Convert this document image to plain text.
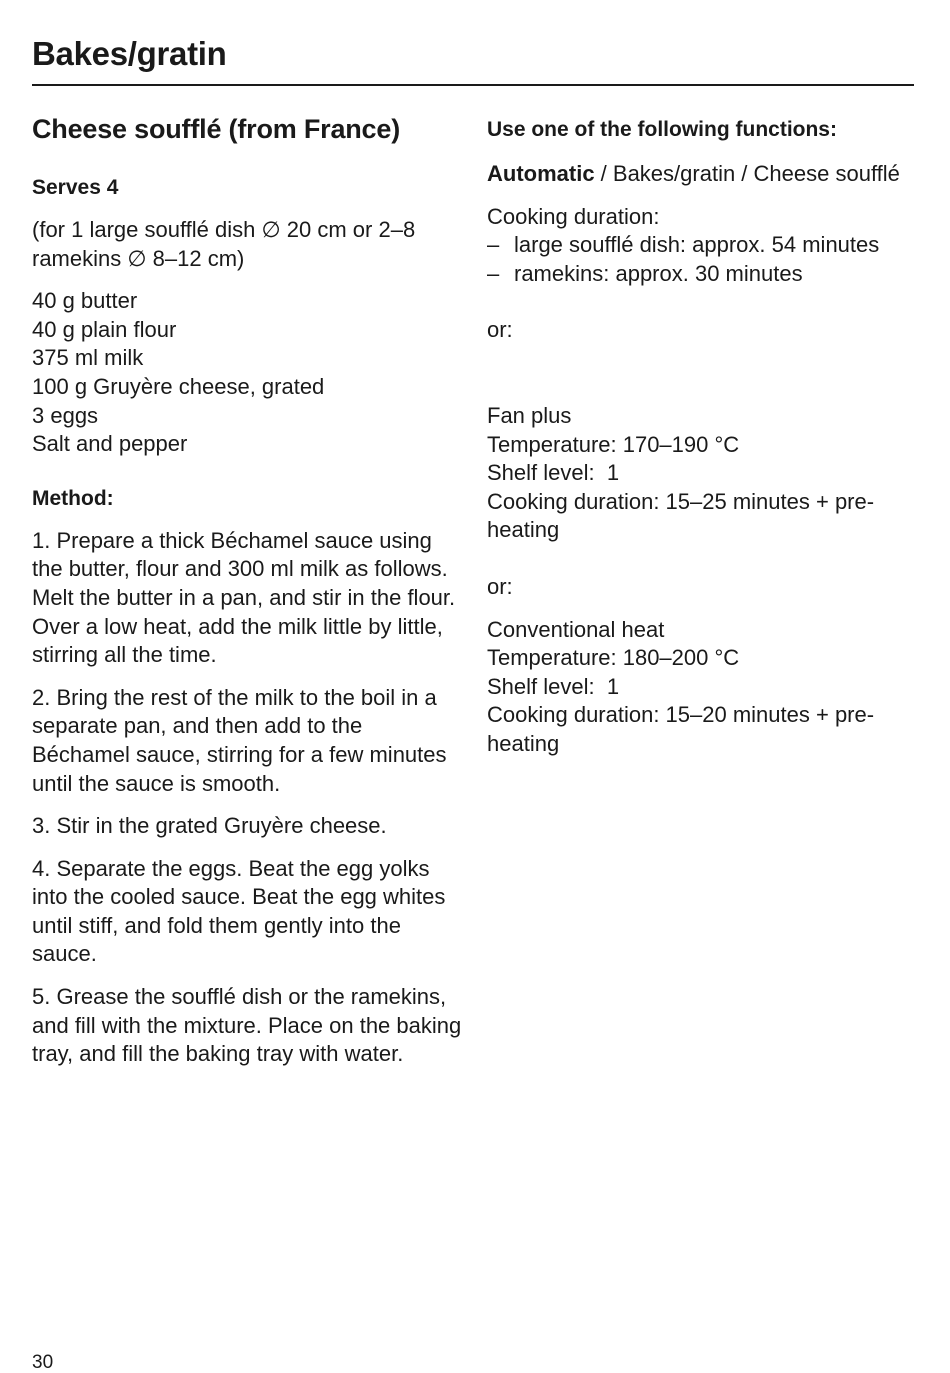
Bakes/gratin
Cheese soufflé (from France)
Serves 4

(for 1 large soufflé dish ∅ 20 cm or 2–8 ramekins ∅ 8–12 cm)

40 g butter
40 g plain flour
375 ml milk
100 g Gruyère cheese, grated
3 eggs
Salt and pepper
Method:

1. Prepare a thick Béchamel sauce using the butter, flour and 300 ml milk as follows. Melt the butter in a pan, and stir in the flour. Over a low heat, add the milk little by little, stirring all the time.

2. Bring the rest of the milk to the boil in a separate pan, and then add to the Béchamel sauce, stirring for a few minutes until the sauce is smooth.

3. Stir in the grated Gruyère cheese.

4. Separate the eggs. Beat the egg yolks into the cooled sauce. Beat the egg whites until stiff, and fold them gently into the sauce.

5. Grease the soufflé dish or the ramekins, and fill with the mixture. Place on the baking tray, and fill the baking tray with water.

Use one of the following functions:

Automatic / Bakes/gratin / Cheese soufflé

Cooking duration:
– large soufflé dish: approx. 54 minutes
– ramekins: approx. 30 minutes

or:

Fan plus
Temperature: 170–190 °C
Shelf level:  1
Cooking duration: 15–25 minutes + pre-heating

or:

Conventional heat
Temperature: 180–200 °C
Shelf level:  1
Cooking duration: 15–20 minutes + pre-heating
30
